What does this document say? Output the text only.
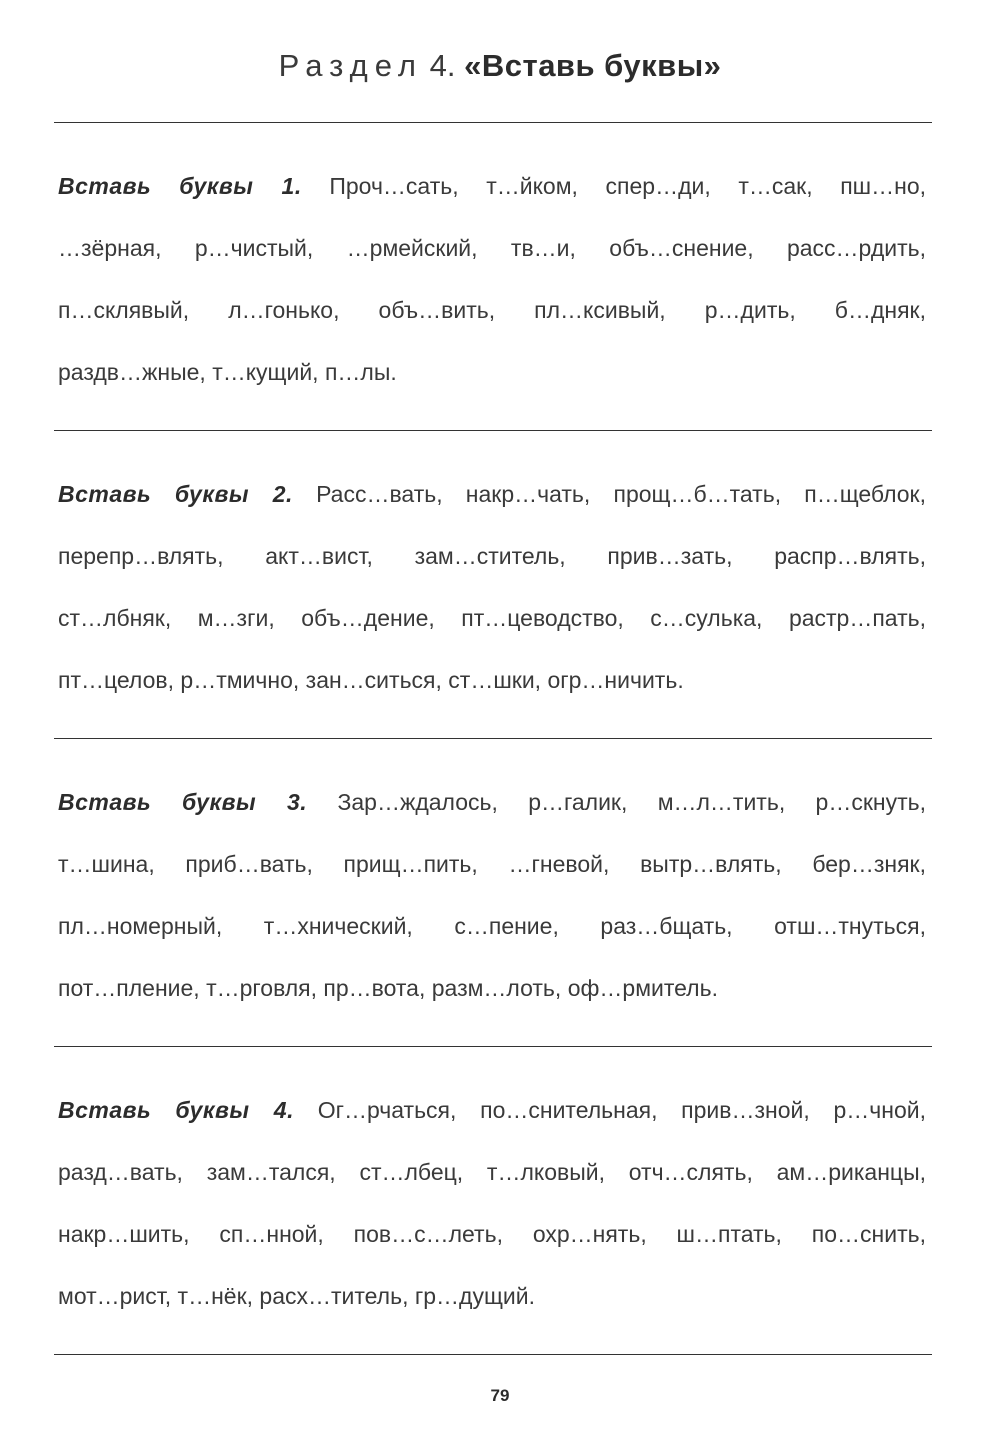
Раздел 4. «Вставь буквы»
Вставь буквы 1. Проч…сать, т…йком, спер…ди, т…сак, пш…но,
…зёрная, р…чистый, …рмейский, тв…и, объ…снение, расс…рдить,
п…склявый, л…гонько, объ…вить, пл…ксивый, р…дить, б…дняк,
раздв…жные, т…кущий, п…лы.
Вставь буквы 2. Расс…вать, накр…чать, прощ…б…тать, п…щеблок,
перепр…влять, акт…вист, зам…ститель, прив…зать, распр…влять,
ст…лбняк, м…зги, объ…дение, пт…цеводство, с…сулька, растр…пать,
пт…целов, р…тмично, зан…ситься, ст…шки, огр…ничить.
Вставь буквы 3. Зар…ждалось, р…галик, м…л…тить, р…скнуть,
т…шина, приб…вать, прищ…пить, …гневой, вытр…влять, бер…зняк,
пл…номерный, т…хнический, с…пение, раз…бщать, отш…тнуться,
пот…пление, т…рговля, пр…вота, разм…лоть, оф…рмитель.
Вставь буквы 4. Ог…рчаться, по…снительная, прив…зной, р…чной,
разд…вать, зам…тался, ст…лбец, т…лковый, отч…слять, ам…риканцы,
накр…шить, сп…нной, пов…с…леть, охр…нять, ш…птать, по…снить,
мот…рист, т…нёк, расх…титель, гр…дущий.
79
